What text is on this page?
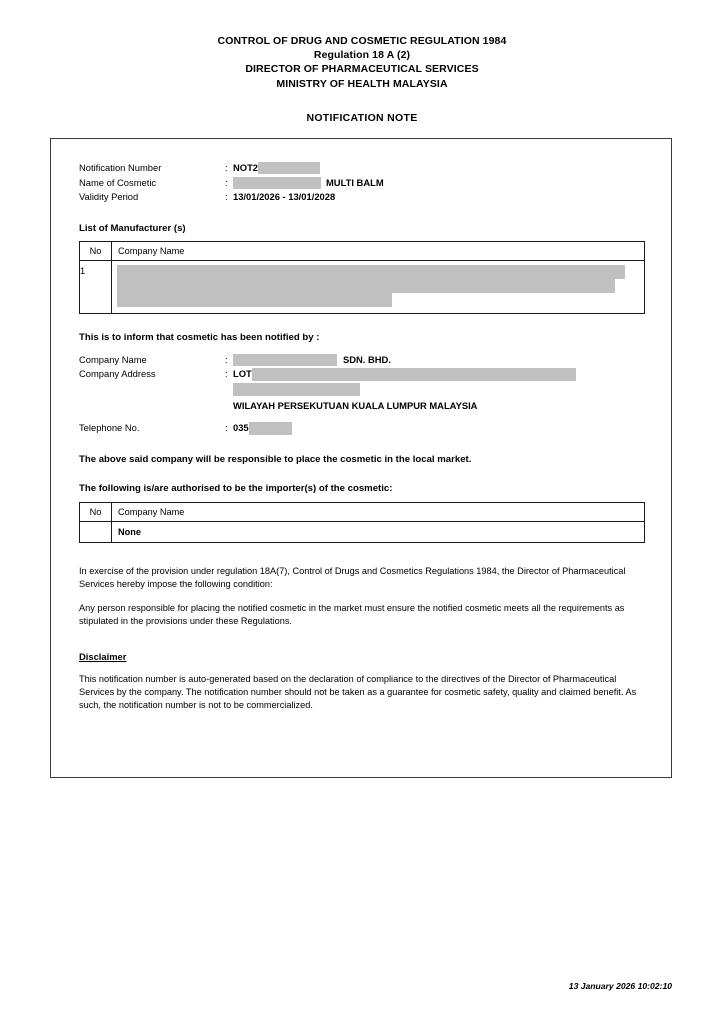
CONTROL OF DRUG AND COSMETIC REGULATION 1984
Regulation 18 A (2)
DIRECTOR OF PHARMACEUTICAL SERVICES
MINISTRY OF HEALTH MALAYSIA
NOTIFICATION NOTE
Notification Number	: NOT2
Name of Cosmetic	:	MULTI BALM
Validity Period	: 13/01/2026 - 13/01/2028
List of Manufacturer (s)
No	Company Name
1	
This is to inform that cosmetic has been notified by :
Company Name	:	SDN. BHD.
Company Address	: LOT
WILAYAH PERSEKUTUAN KUALA LUMPUR MALAYSIA
Telephone No.	: 035
The above said company will be responsible to place the cosmetic in the local market.
The following is/are authorised to be the importer(s) of the cosmetic:
No	Company Name
	None
In exercise of the provision under regulation 18A(7), Control of Drugs and Cosmetics Regulations 1984, the Director of Pharmaceutical Services hereby impose the following condition:
Any person responsible for placing the notified cosmetic in the market must ensure the notified cosmetic meets all the requirements as stipulated in the provisions under these Regulations.
Disclaimer
This notification number is auto-generated based on the declaration of compliance to the directives of the Director of Pharmaceutical Services by the company. The notification number should not be taken as a guarantee for cosmetic safety, quality and claimed benefit. As such, the notification number is not to be commercialized.
13 January 2026 10:02:10
